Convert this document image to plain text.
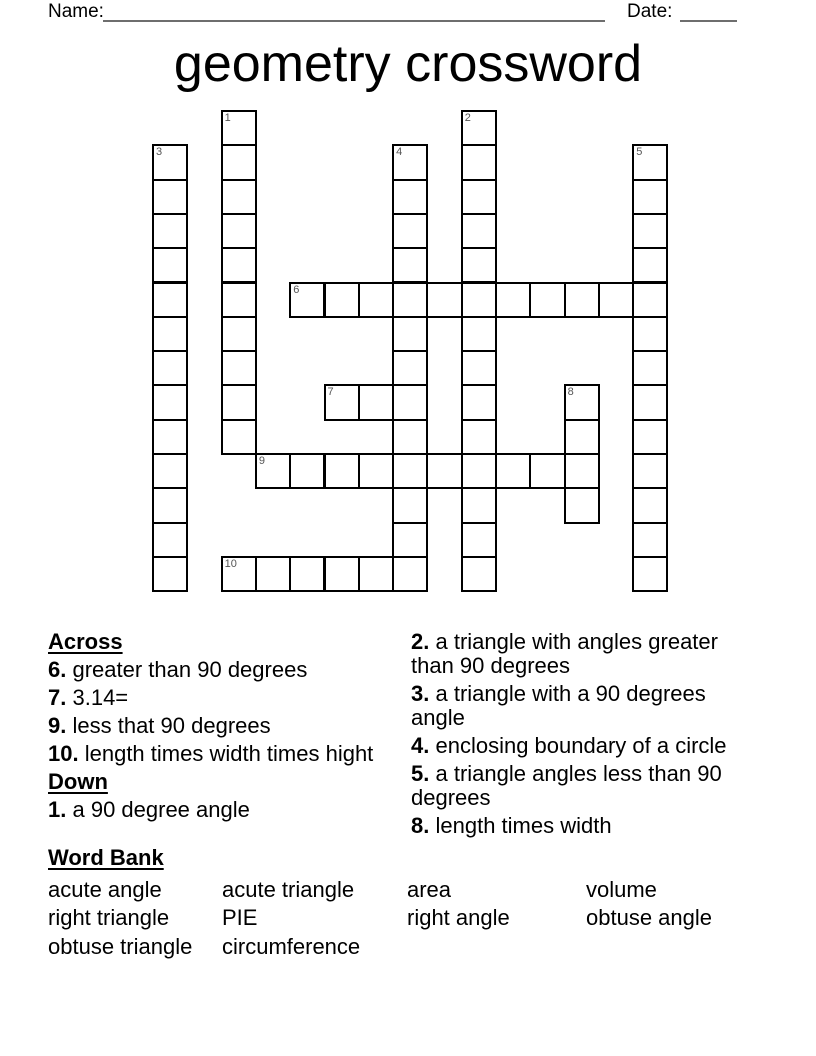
Name:	Date:
geometry crossword
1	2
3	4	5
6
7	8
9
10
Across
6. greater than 90 degrees
7. 3.14=
9. less that 90 degrees
10. length times width times hight
Down
1. a 90 degree angle
2. a triangle with angles greater than 90 degrees
3. a triangle with a 90 degrees angle
4. enclosing boundary of a circle
5. a triangle angles less than 90 degrees
8. length times width
Word Bank
acute angle
right triangle
obtuse triangle
acute triangle
PIE
circumference
area
right angle
volume
obtuse angle
